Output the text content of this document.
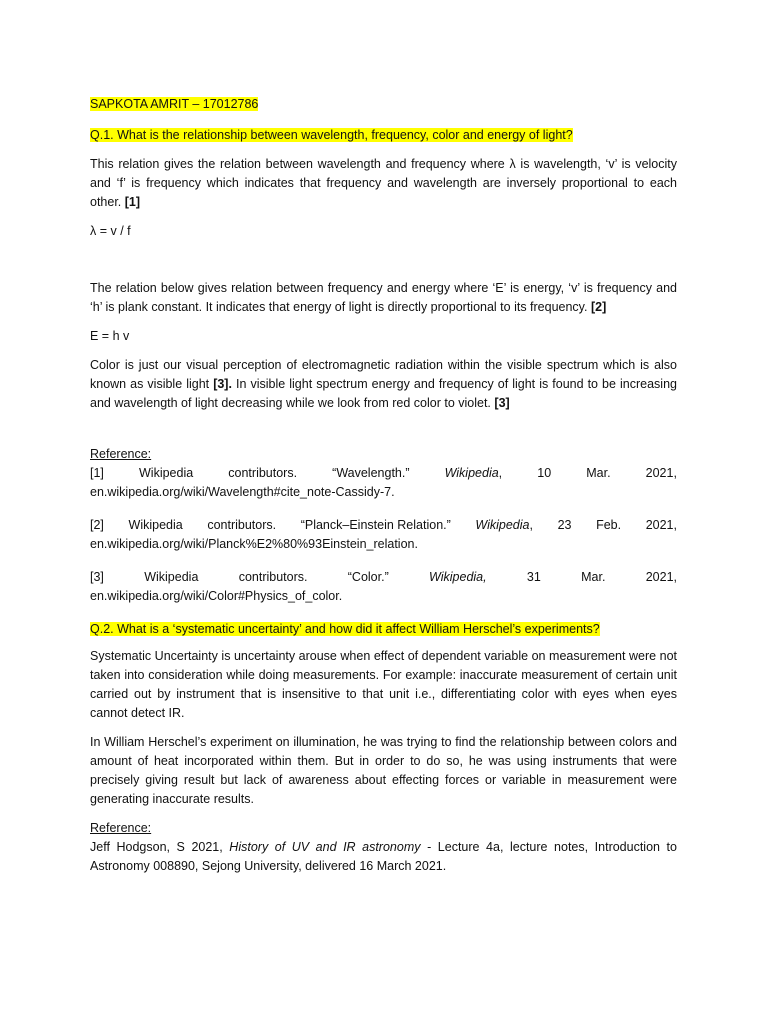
SAPKOTA AMRIT – 17012786

Q.1. What is the relationship between wavelength, frequency, color and energy of light?

This relation gives the relation between wavelength and frequency where λ is wavelength, ‘v’ is velocity and ‘f’ is frequency which indicates that frequency and wavelength are inversely proportional to each other. [1]

λ = v / f

The relation below gives relation between frequency and energy where ‘E’ is energy, ‘v’ is frequency and ‘h’ is plank constant. It indicates that energy of light is directly proportional to its frequency. [2]

E = h v

Color is just our visual perception of electromagnetic radiation within the visible spectrum which is also known as visible light [3]. In visible light spectrum energy and frequency of light is found to be increasing and wavelength of light decreasing while we look from red color to violet. [3]

Reference:

[1]	Wikipedia	contributors.	“Wavelength.”	Wikipedia,	10	Mar.	2021,

en.wikipedia.org/wiki/Wavelength#cite_note-Cassidy-7.

[2] Wikipedia contributors. “Planck–Einstein Relation.” Wikipedia, 23 Feb. 2021,

en.wikipedia.org/wiki/Planck%E2%80%93Einstein_relation.

[3]	Wikipedia	contributors.	“Color.”	Wikipedia,	31	Mar.	2021,

en.wikipedia.org/wiki/Color#Physics_of_color.

Q.2. What is a ‘systematic uncertainty’ and how did it affect William Herschel’s experiments?

Systematic Uncertainty is uncertainty arouse when effect of dependent variable on measurement were not taken into consideration while doing measurements. For example: inaccurate measurement of certain unit carried out by instrument that is insensitive to that unit i.e., differentiating color with eyes when eyes cannot detect IR.

In William Herschel’s experiment on illumination, he was trying to find the relationship between colors and amount of heat incorporated within them. But in order to do so, he was using instruments that were precisely giving result but lack of awareness about effecting forces or variable in measurement were generating inaccurate results.

Reference:

Jeff Hodgson, S 2021, History of UV and IR astronomy - Lecture 4a, lecture notes, Introduction to Astronomy 008890, Sejong University, delivered 16 March 2021.
